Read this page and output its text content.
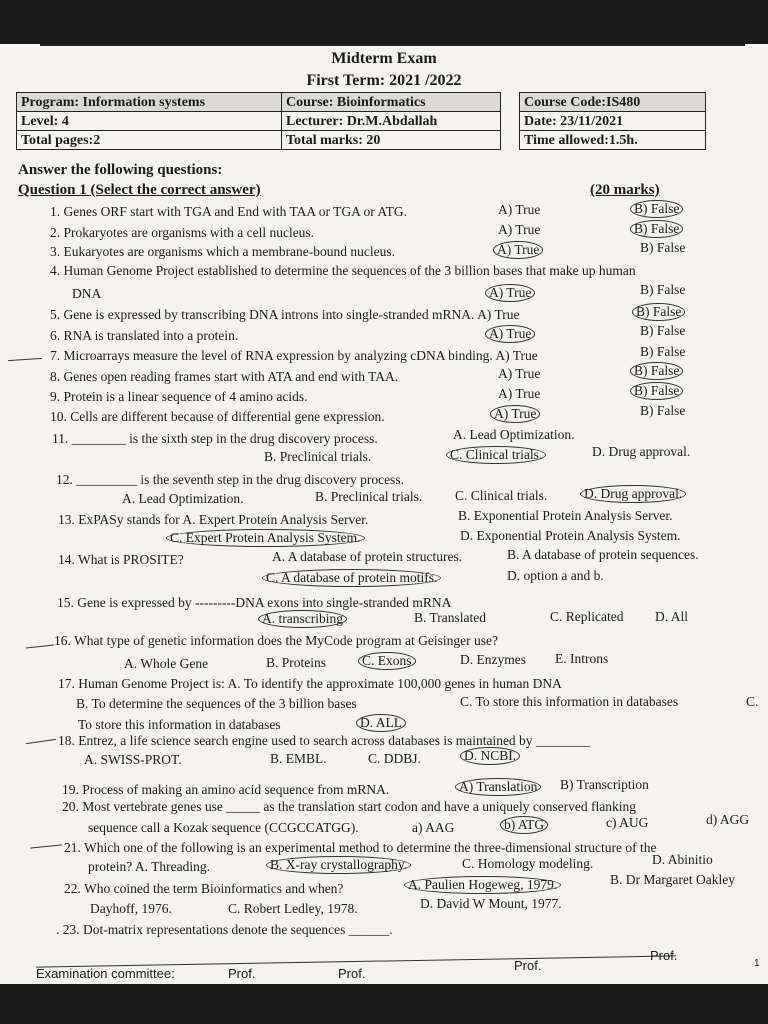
Midterm Exam
First Term: 2021 /2022
Program: Information systems	Course: Bioinformatics		Course Code:IS480
Level: 4	Lecturer: Dr.M.Abdallah		Date: 23/11/2021
Total pages:2	Total marks: 20		Time allowed:1.5h.
Answer the following questions:
Question 1 (Select the correct answer)	(20 marks)
1. Genes ORF start with TGA and End with TAA or TGA or ATG.	A) True	B) False
2. Prokaryotes are organisms with a cell nucleus.	A) True	B) False
3. Eukaryotes are organisms which a membrane-bound nucleus.	A) True	B) False
4. Human Genome Project established to determine the sequences of the 3 billion bases that make up human
DNA	A) True	B) False
5. Gene is expressed by transcribing DNA introns into single-stranded mRNA. A) True	B) False
6. RNA is translated into a protein.	A) True	B) False
7. Microarrays measure the level of RNA expression by analyzing cDNA binding. A) True	B) False
8. Genes open reading frames start with ATA and end with TAA.	A) True	B) False
9. Protein is a linear sequence of 4 amino acids.	A) True	B) False
10. Cells are different because of differential gene expression.	A) True	B) False
11. ________ is the sixth step in the drug discovery process.	A. Lead Optimization.
B. Preclinical trials.	C. Clinical trials.	D. Drug approval.
12. _________ is the seventh step in the drug discovery process.
A. Lead Optimization.	B. Preclinical trials. C. Clinical trials.	D. Drug approval.
13. ExPASy stands for A. Expert Protein Analysis Server.	B. Exponential Protein Analysis Server.
C. Expert Protein Analysis System.	D. Exponential Protein Analysis System.
14. What is PROSITE?	A. A database of protein structures.	B. A database of protein sequences.
C. A database of protein motifs.	D. option a and b.
15. Gene is expressed by ---------DNA exons into single-stranded mRNA
A. transcribing	B. Translated	C. Replicated D. All
16. What type of genetic information does the MyCode program at Geisinger use?
A. Whole Gene	B. Proteins	C. Exons	D. Enzymes E. Introns
17. Human Genome Project is: A. To identify the approximate 100,000 genes in human DNA
B. To determine the sequences of the 3 billion bases	C. To store this information in databases	C.
To store this information in databases	D. ALL
18. Entrez, a life science search engine used to search across databases is maintained by ________
A. SWISS-PROT.	B. EMBL.	C. DDBJ.	D. NCBI.
19. Process of making an amino acid sequence from mRNA.	A) Translation B) Transcription
20. Most vertebrate genes use _____ as the translation start codon and have a uniquely conserved flanking
sequence call a Kozak sequence (CCGCCATGG).	a) AAG	b) ATG	c) AUG	d) AGG
21. Which one of the following is an experimental method to determine the three-dimensional structure of the
protein? A. Threading.	B. X-ray crystallography.	C. Homology modeling.	D. Abinitio
22. Who coined the term Bioinformatics and when?	A. Paulien Hogeweg, 1979.	B. Dr Margaret Oakley
Dayhoff, 1976.	C. Robert Ledley, 1978.	D. David W Mount, 1977.
. 23. Dot-matrix representations denote the sequences ______.
Examination committee:	Prof.	Prof.
Prof.
Prof.
1
